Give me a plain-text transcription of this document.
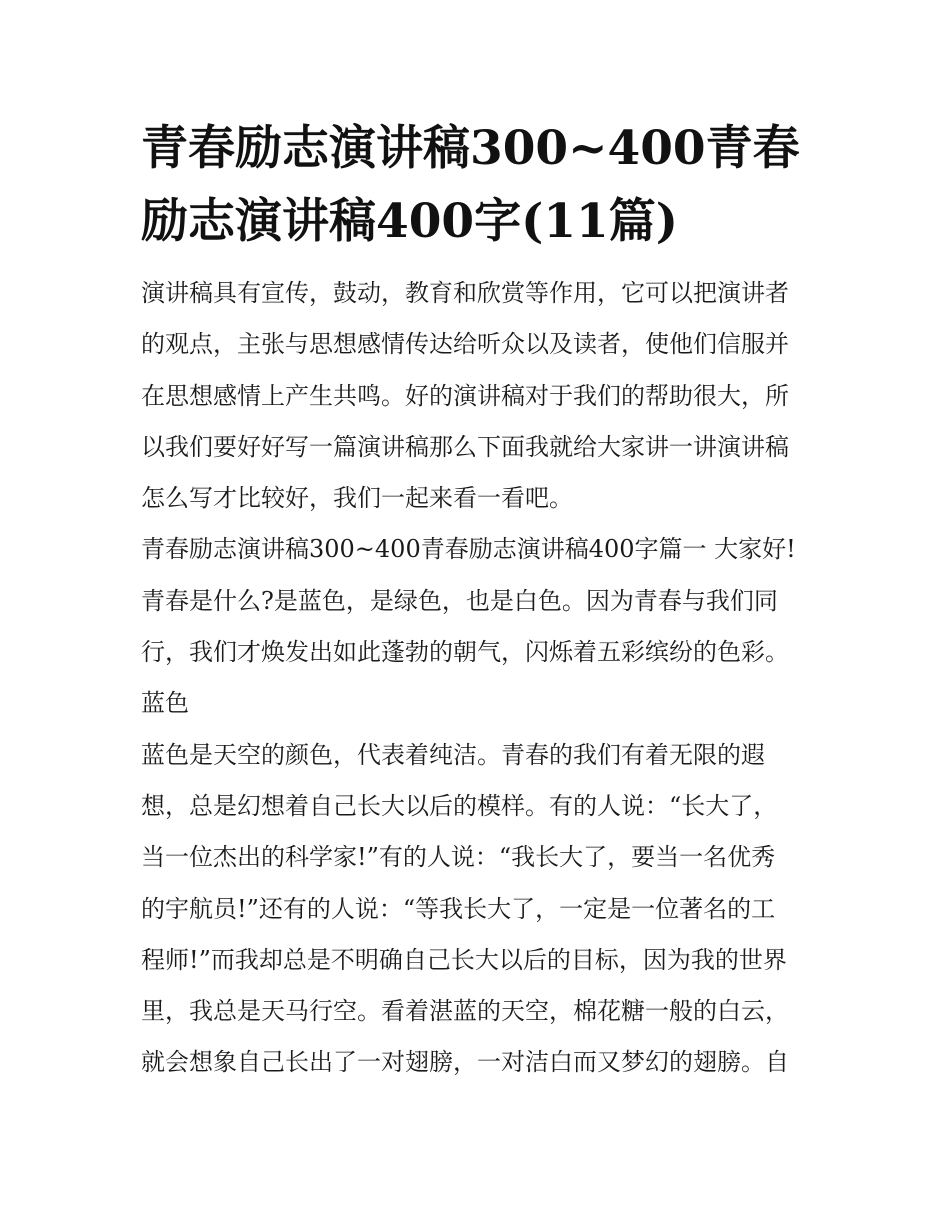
青春励志演讲稿300~400青春
励志演讲稿400字(11篇)

演讲稿具有宣传，鼓动，教育和欣赏等作用，它可以把演讲者
的观点，主张与思想感情传达给听众以及读者，使他们信服并
在思想感情上产生共鸣。好的演讲稿对于我们的帮助很大，所
以我们要好好写一篇演讲稿那么下面我就给大家讲一讲演讲稿
怎么写才比较好，我们一起来看一看吧。

青春励志演讲稿300~400青春励志演讲稿400字篇一 大家好!
青春是什么?是蓝色，是绿色，也是白色。因为青春与我们同
行，我们才焕发出如此蓬勃的朝气，闪烁着五彩缤纷的色彩。
蓝色

蓝色是天空的颜色，代表着纯洁。青春的我们有着无限的遐
想，总是幻想着自己长大以后的模样。有的人说：“长大了，
当一位杰出的科学家!”有的人说：“我长大了，要当一名优秀
的宇航员!”还有的人说：“等我长大了，一定是一位著名的工
程师!”而我却总是不明确自己长大以后的目标，因为我的世界
里，我总是天马行空。看着湛蓝的天空，棉花糖一般的白云，
就会想象自己长出了一对翅膀，一对洁白而又梦幻的翅膀。自
